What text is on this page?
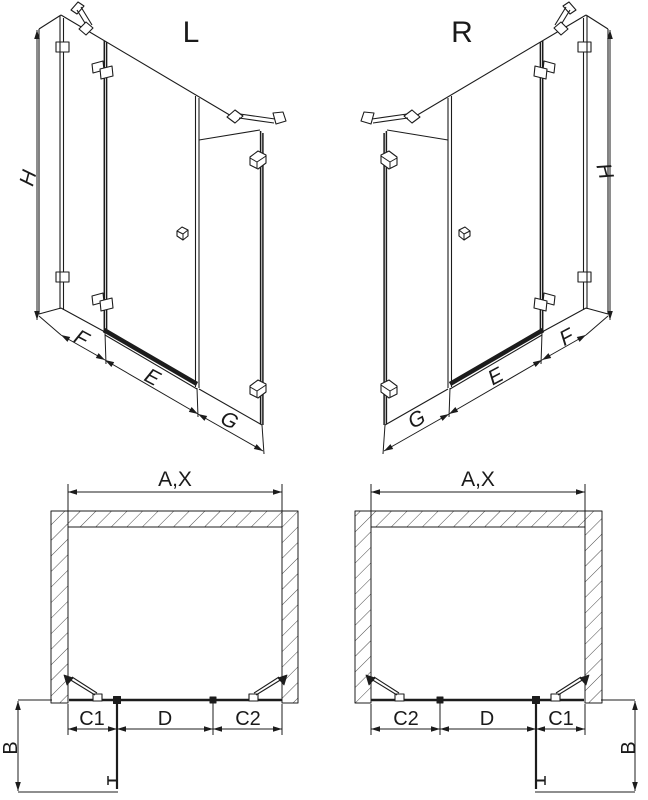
L
H
F
E
G
R
H
G
E
F
A,X
C1	D	C2
B
A,X
C2	D	C1
B
